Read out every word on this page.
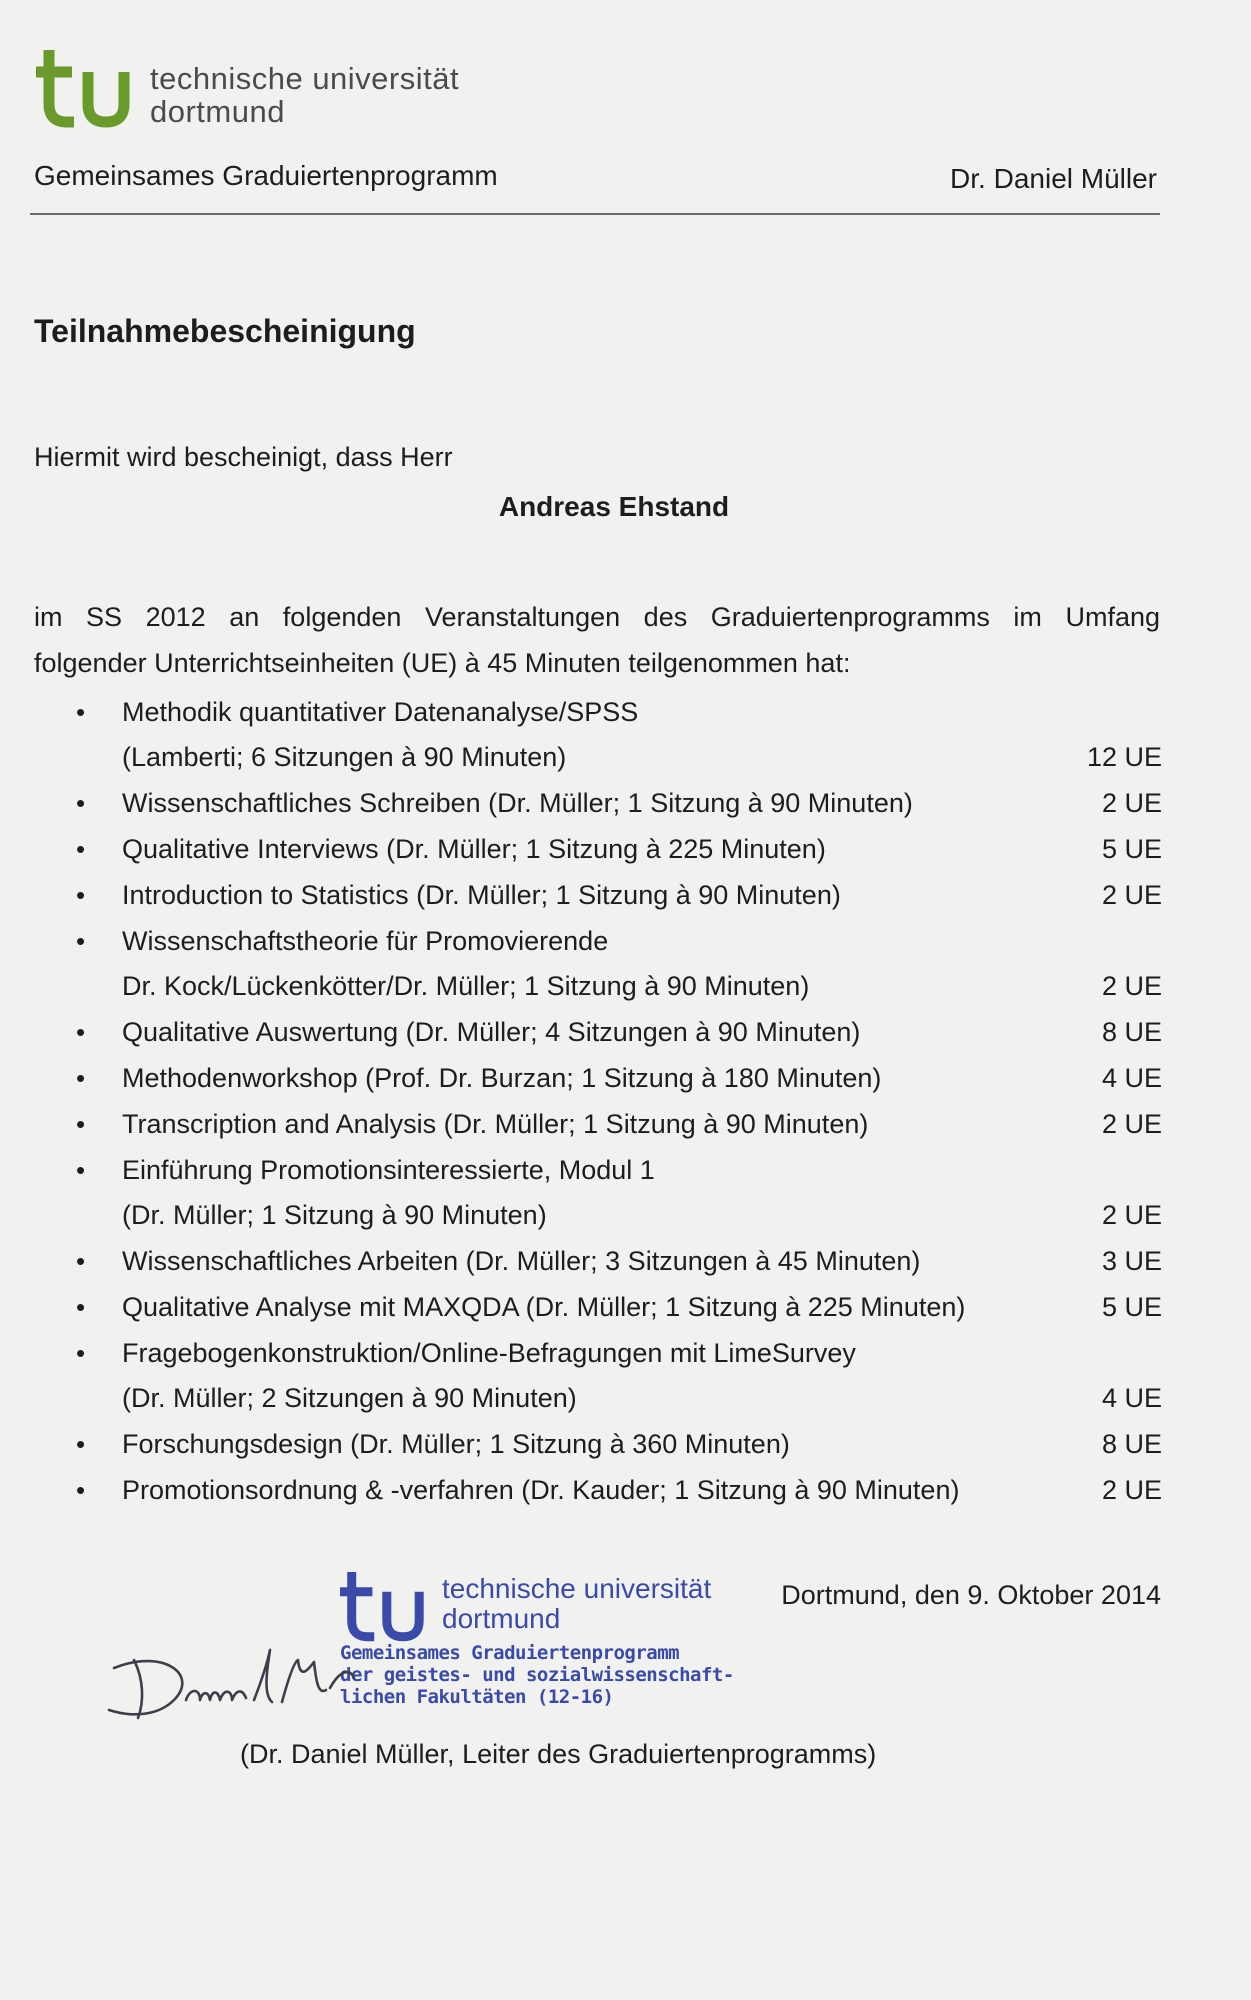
technische universität
dortmund
Gemeinsames Graduiertenprogramm	Dr. Daniel Müller
Teilnahmebescheinigung
Hiermit wird bescheinigt, dass Herr
Andreas Ehstand
im SS 2012 an folgenden Veranstaltungen des Graduiertenprogramms im Umfang
folgender Unterrichtseinheiten (UE) à 45 Minuten teilgenommen hat:
•	Methodik quantitativer Datenanalyse/SPSS
(Lamberti; 6 Sitzungen à 90 Minuten)	12 UE
•	Wissenschaftliches Schreiben (Dr. Müller; 1 Sitzung à 90 Minuten)	2 UE
•	Qualitative Interviews (Dr. Müller; 1 Sitzung à 225 Minuten)	5 UE
•	Introduction to Statistics (Dr. Müller; 1 Sitzung à 90 Minuten)	2 UE
•	Wissenschaftstheorie für Promovierende
Dr. Kock/Lückenkötter/Dr. Müller; 1 Sitzung à 90 Minuten)	2 UE
•	Qualitative Auswertung (Dr. Müller; 4 Sitzungen à 90 Minuten)	8 UE
•	Methodenworkshop (Prof. Dr. Burzan; 1 Sitzung à 180 Minuten)	4 UE
•	Transcription and Analysis (Dr. Müller; 1 Sitzung à 90 Minuten)	2 UE
•	Einführung Promotionsinteressierte, Modul 1
(Dr. Müller; 1 Sitzung à 90 Minuten)	2 UE
•	Wissenschaftliches Arbeiten (Dr. Müller; 3 Sitzungen à 45 Minuten)	3 UE
•	Qualitative Analyse mit MAXQDA (Dr. Müller; 1 Sitzung à 225 Minuten)	5 UE
•	Fragebogenkonstruktion/Online-Befragungen mit LimeSurvey
(Dr. Müller; 2 Sitzungen à 90 Minuten)	4 UE
•	Forschungsdesign (Dr. Müller; 1 Sitzung à 360 Minuten)	8 UE
•	Promotionsordnung & -verfahren (Dr. Kauder; 1 Sitzung à 90 Minuten)	2 UE
technische universität
dortmund
Gemeinsames Graduiertenprogramm
der geistes- und sozialwissenschaft-
lichen Fakultäten (12-16)
Dortmund, den 9. Oktober 2014
(Dr. Daniel Müller, Leiter des Graduiertenprogramms)
